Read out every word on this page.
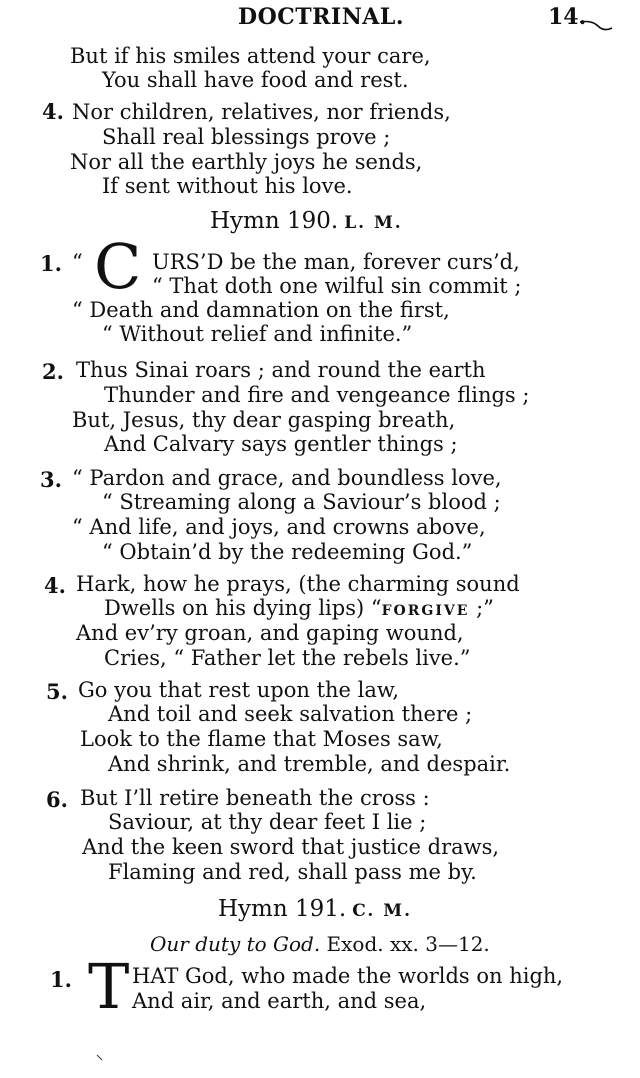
DOCTRINAL.	14.
But if his smiles attend your care,
You shall have food and rest.
4. Nor children, relatives, nor friends,
Shall real blessings prove ;
Nor all the earthly joys he sends,
If sent without his love.
Hymn 190. L. M.
1. “ C URS’D be the man, forever curs’d,
“ That doth one wilful sin commit ;
“ Death and damnation on the first,
“ Without relief and infinite.”
2. Thus Sinai roars ; and round the earth
Thunder and fire and vengeance flings ;
But, Jesus, thy dear gasping breath,
And Calvary says gentler things ;
3. “ Pardon and grace, and boundless love,
“ Streaming along a Saviour’s blood ;
“ And life, and joys, and crowns above,
“ Obtain’d by the redeeming God.”
4. Hark, how he prays, (the charming sound
Dwells on his dying lips) “FORGIVE ;”
And ev’ry groan, and gaping wound,
Cries, “ Father let the rebels live.”
5. Go you that rest upon the law,
And toil and seek salvation there ;
Look to the flame that Moses saw,
And shrink, and tremble, and despair.
6. But I’ll retire beneath the cross :
Saviour, at thy dear feet I lie ;
And the keen sword that justice draws,
Flaming and red, shall pass me by.
Hymn 191. C. M.
Our duty to God. Exod. xx. 3—12.
1. T HAT God, who made the worlds on high,
And air, and earth, and sea,
